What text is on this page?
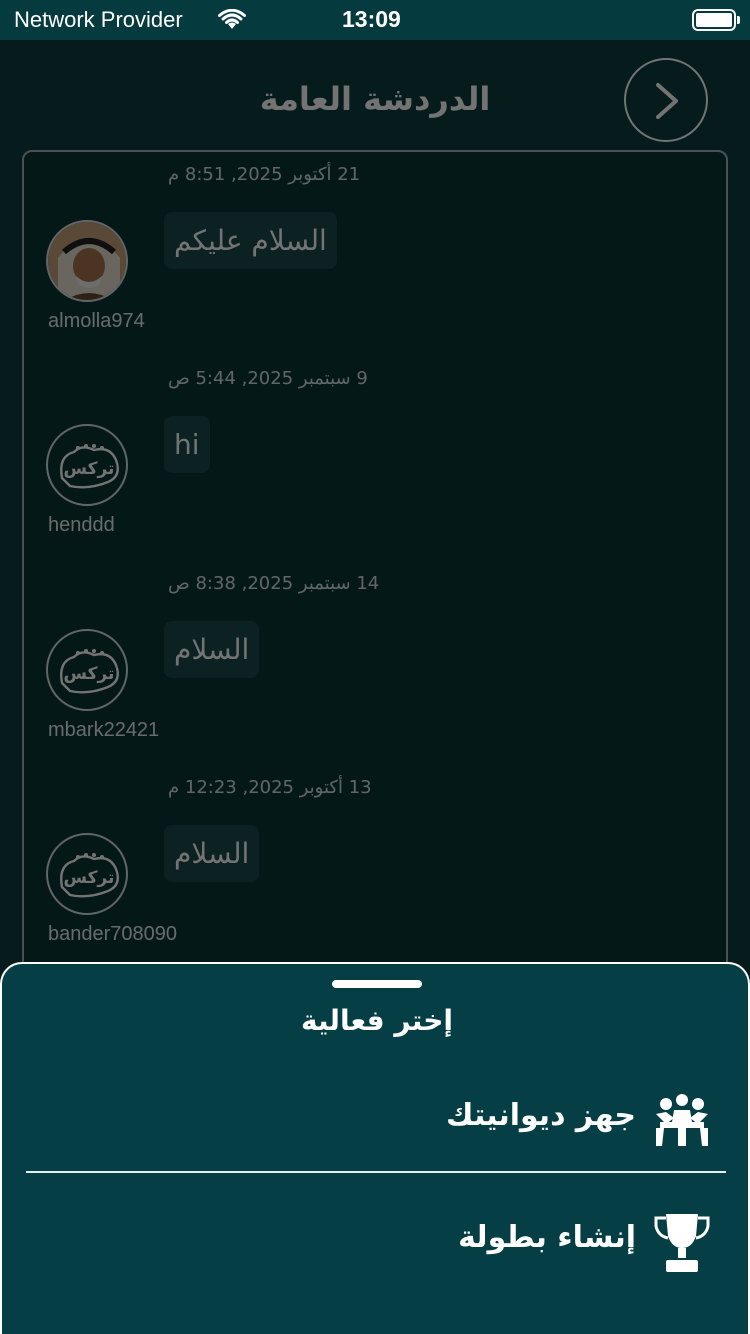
Network Provider	13:09
إختر فعالية
جهز ديوانيتك
إنشاء بطولة
